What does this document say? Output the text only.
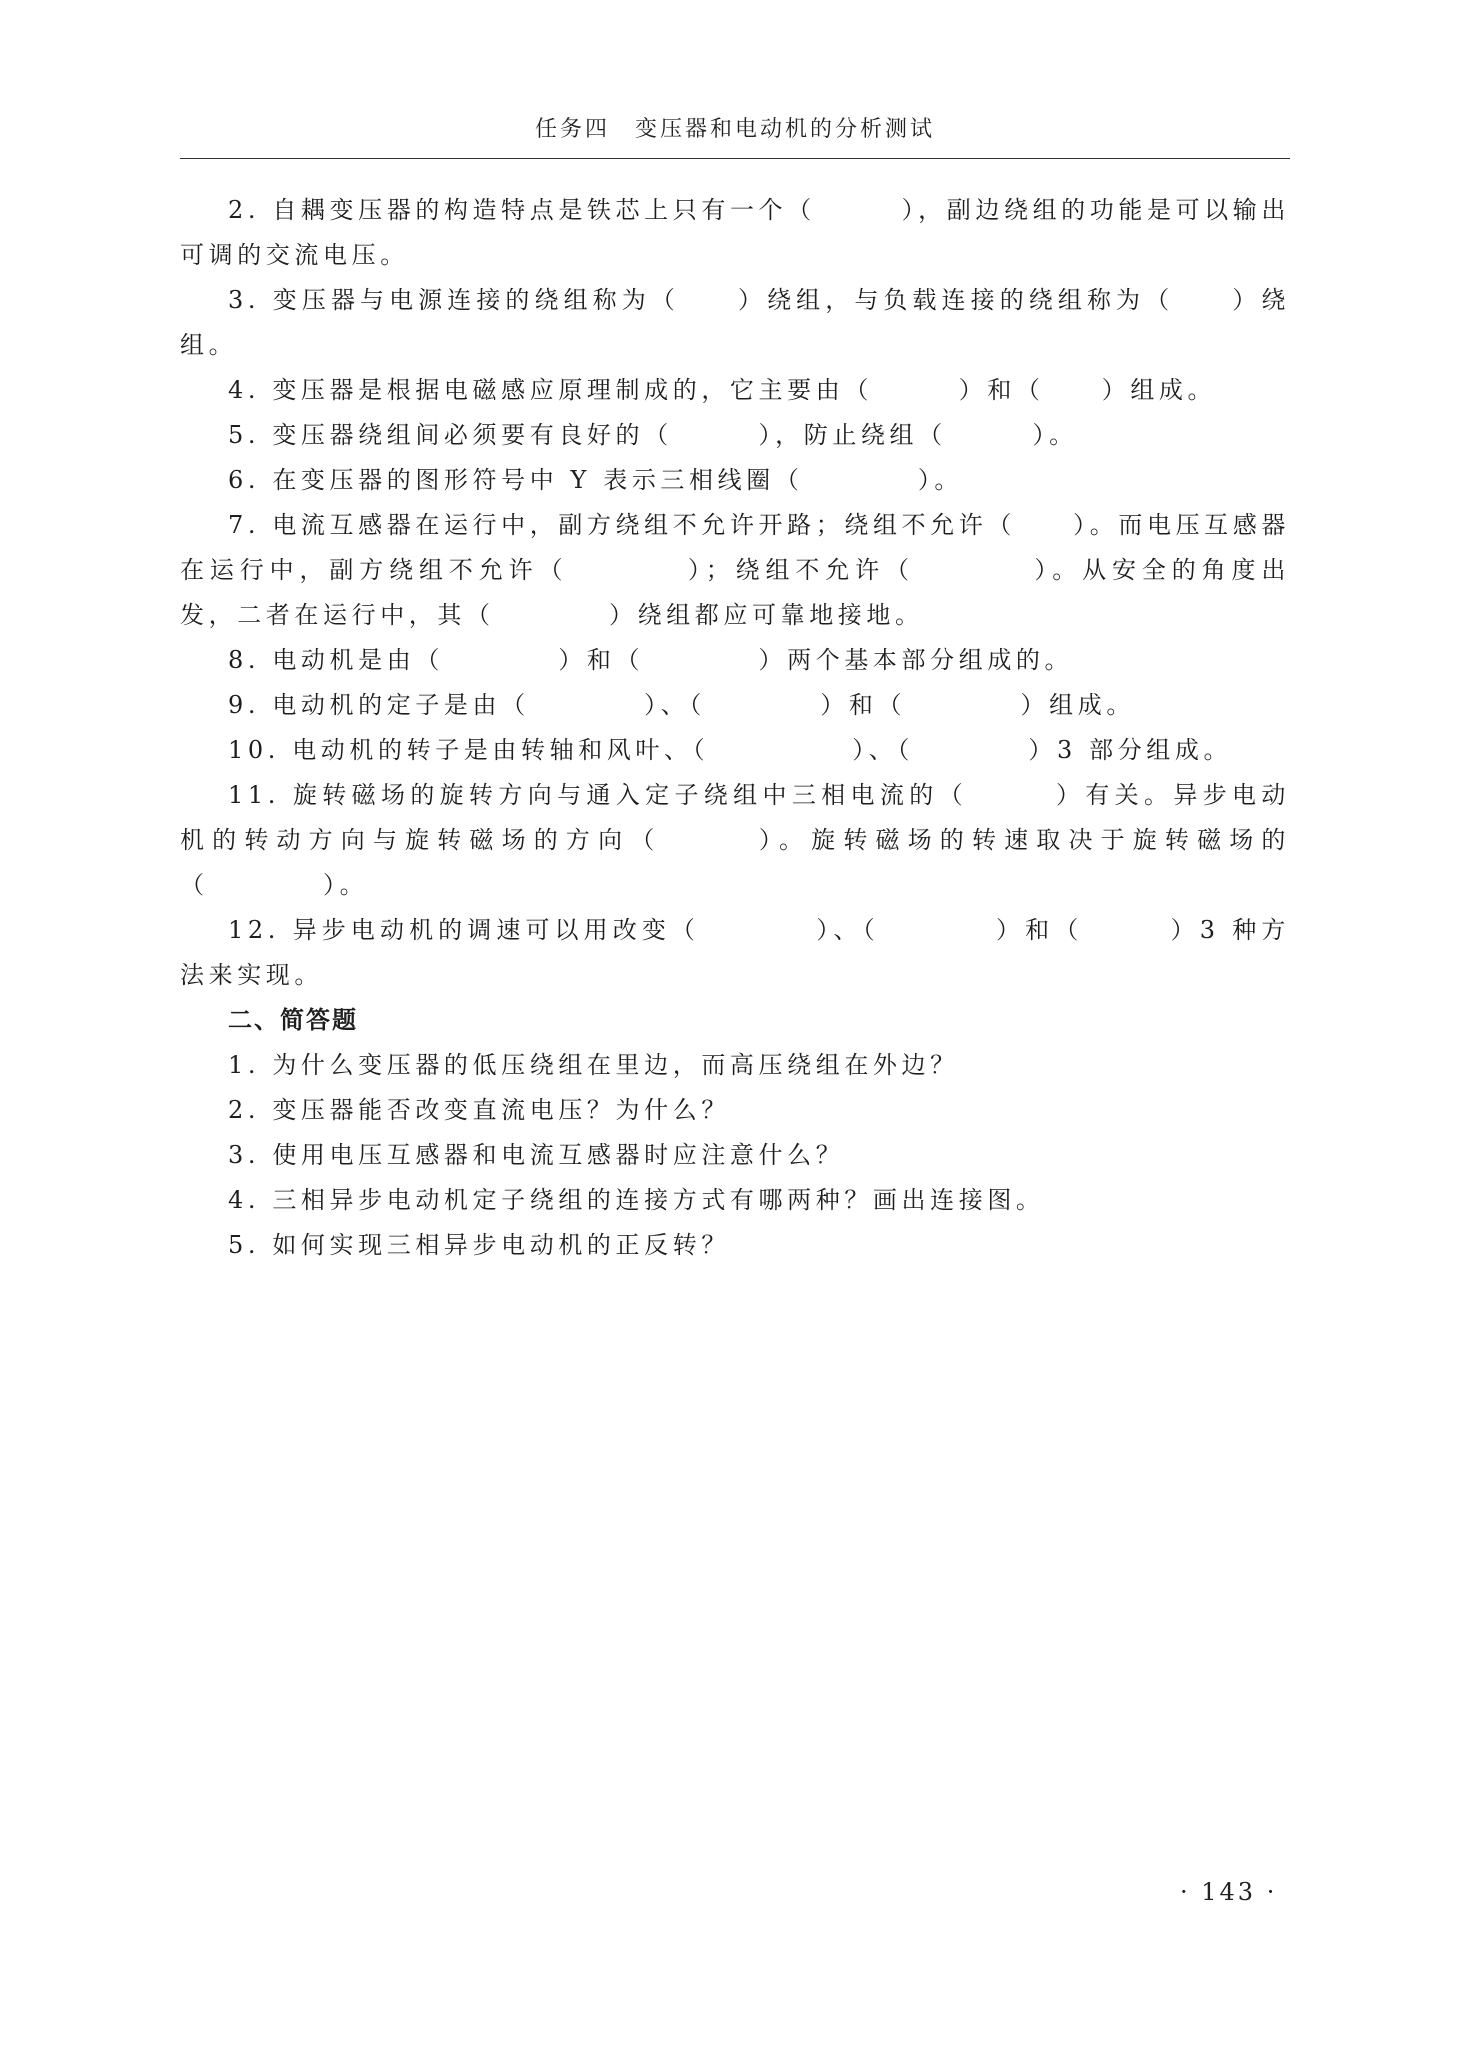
任务四　变压器和电动机的分析测试

2. 自耦变压器的构造特点是铁芯上只有一个（　　　），副边绕组的功能是可以输出可调的交流电压。

3. 变压器与电源连接的绕组称为（　　）绕组，与负载连接的绕组称为（　　）绕组。

4. 变压器是根据电磁感应原理制成的，它主要由（　　　）和（　　）组成。

5. 变压器绕组间必须要有良好的（　　　），防止绕组（　　　）。

6. 在变压器的图形符号中 Y 表示三相线圈（　　　　）。

7. 电流互感器在运行中，副方绕组不允许开路；绕组不允许（　　）。而电压互感器在运行中，副方绕组不允许（　　　　）；绕组不允许（　　　　）。从安全的角度出发，二者在运行中，其（　　　　）绕组都应可靠地接地。

8. 电动机是由（　　　　）和（　　　　）两个基本部分组成的。

9. 电动机的定子是由（　　　　）、（　　　　）和（　　　　）组成。

10. 电动机的转子是由转轴和风叶、（　　　　　）、（　　　　）3 部分组成。

11. 旋转磁场的旋转方向与通入定子绕组中三相电流的（　　　）有关。异步电动机的转动方向与旋转磁场的方向（　　　）。旋转磁场的转速取决于旋转磁场的（　　　　）。

12. 异步电动机的调速可以用改变（　　　　）、（　　　　）和（　　　）3 种方法来实现。

二、简答题

1. 为什么变压器的低压绕组在里边，而高压绕组在外边？

2. 变压器能否改变直流电压？为什么？

3. 使用电压互感器和电流互感器时应注意什么？

4. 三相异步电动机定子绕组的连接方式有哪两种？画出连接图。

5. 如何实现三相异步电动机的正反转？

· 143 ·
